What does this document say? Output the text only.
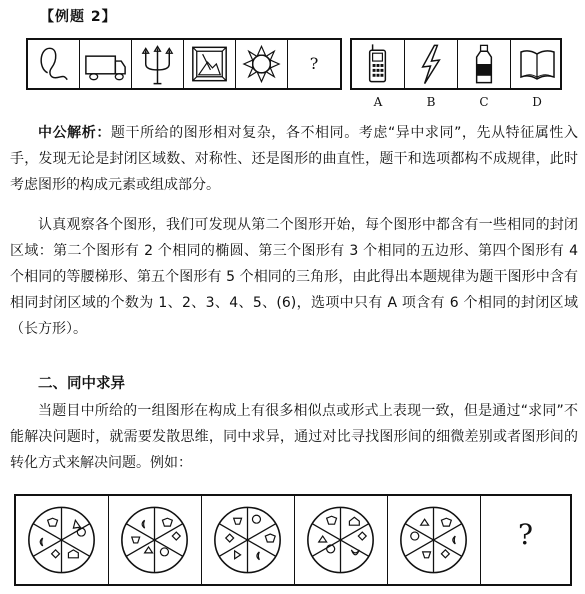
【例题 2】
?
A	B	C	D

中公解析：题干所给的图形相对复杂，各不相同。考虑“异中求同”，先从特征属性入手，发现无论是封闭区域数、对称性、还是图形的曲直性，题干和选项都构不成规律，此时考虑图形的构成元素或组成部分。

认真观察各个图形，我们可发现从第二个图形开始，每个图形中都含有一些相同的封闭区域：第二个图形有 2 个相同的椭圆、第三个图形有 3 个相同的五边形、第四个图形有 4 个相同的等腰梯形、第五个图形有 5 个相同的三角形，由此得出本题规律为题干图形中含有相同封闭区域的个数为 1、2、3、4、5、(6)，选项中只有 A 项含有 6 个相同的封闭区域（长方形）。

二、同中求异

当题目中所给的一组图形在构成上有很多相似点或形式上表现一致，但是通过“求同”不能解决问题时，就需要发散思维，同中求异，通过对比寻找图形间的细微差别或者图形间的转化方式来解决问题。例如：

?
